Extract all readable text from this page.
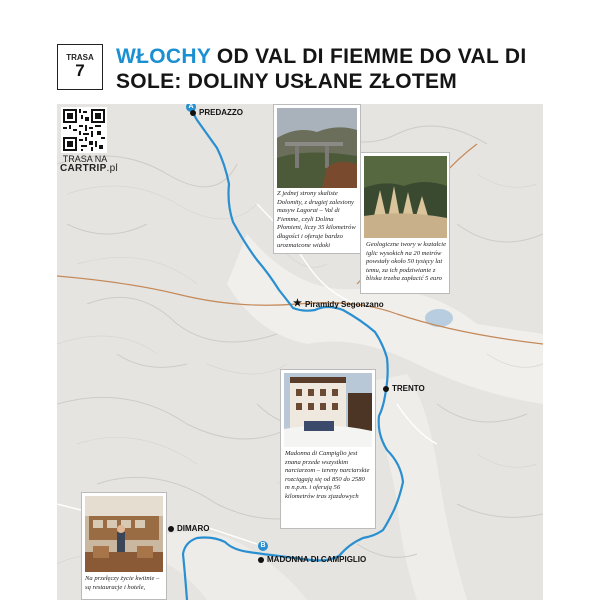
TRASA
7
WŁOCHY OD VAL DI FIEMME DO VAL DI SOLE: DOLINY USŁANE ZŁOTEM
TRASA NA
CARTRIP.pl
A
B
PREDAZZO
★ Piramidy Segonzano
TRENTO
DIMARO
MADONNA DI CAMPIGLIO
Z jednej strony skaliste Dolomity, z drugiej zalesiony masyw Lagorai – Val di Fiemme, czyli Dolina Płomieni, liczy 35 kilometrów długości i oferuje bardzo urozmaicone widoki	Geologiczne twory w kształcie iglic wysokich na 20 metrów powstały około 50 tysięcy lat temu, za ich podziwianie z bliska trzeba zapłacić 5 euro
Madonna di Campiglio jest znana przede wszystkim narciarzom – tereny narciarskie rozciągają się od 850 do 2580 m n.p.m. i oferują 56 kilometrów tras zjazdowych
Na przełęczy życie kwitnie – są restauracje i hotele,
